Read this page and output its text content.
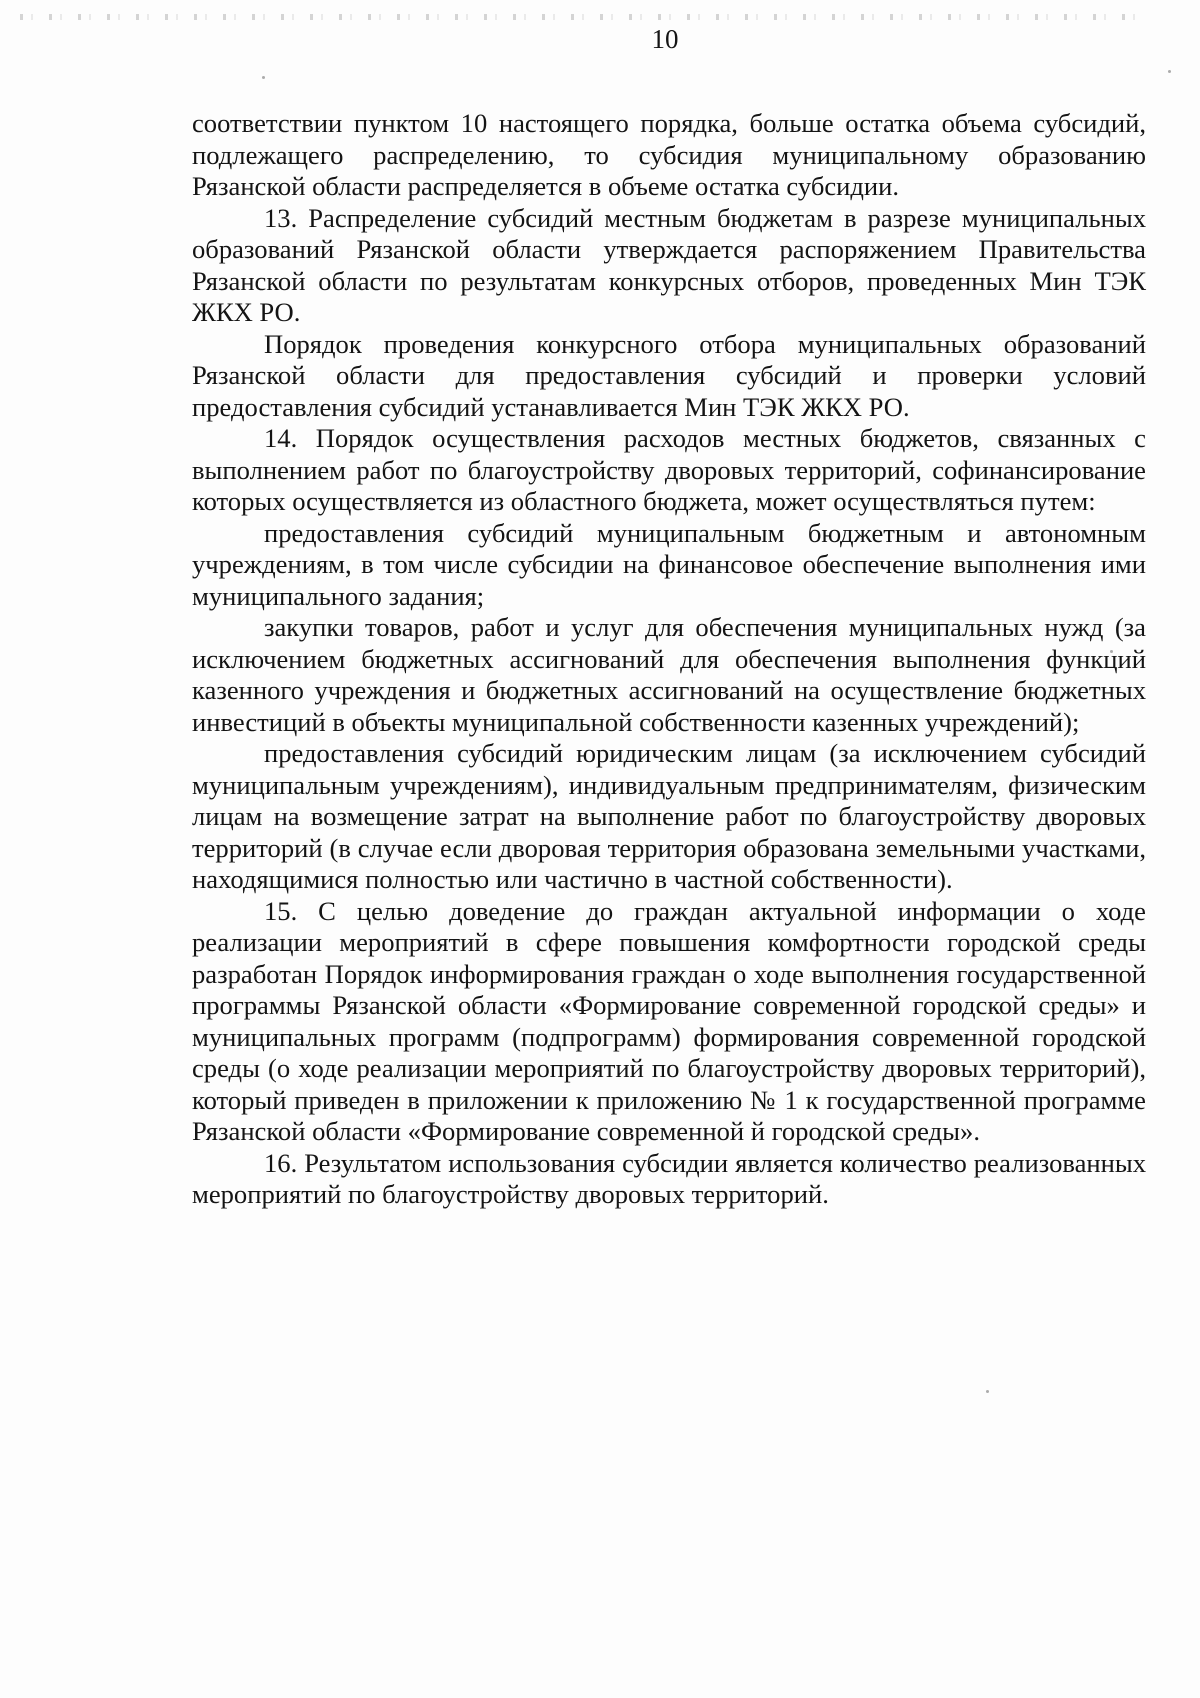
10

соответствии пунктом 10 настоящего порядка, больше остатка объема субсидий, подлежащего распределению, то субсидия муниципальному образованию Рязанской области распределяется в объеме остатка субсидии.

13. Распределение субсидий местным бюджетам в разрезе муниципальных образований Рязанской области утверждается распоряжением Правительства Рязанской области по результатам конкурсных отборов, проведенных Мин ТЭК ЖКХ РО.

Порядок проведения конкурсного отбора муниципальных образований Рязанской области для предоставления субсидий и проверки условий предоставления субсидий устанавливается Мин ТЭК ЖКХ РО.

14. Порядок осуществления расходов местных бюджетов, связанных с выполнением работ по благоустройству дворовых территорий, софинансирование которых осуществляется из областного бюджета, может осуществляться путем:

предоставления субсидий муниципальным бюджетным и автономным учреждениям, в том числе субсидии на финансовое обеспечение выполнения ими муниципального задания;

закупки товаров, работ и услуг для обеспечения муниципальных нужд (за исключением бюджетных ассигнований для обеспечения выполнения функций казенного учреждения и бюджетных ассигнований на осуществление бюджетных инвестиций в объекты муниципальной собственности казенных учреждений);

предоставления субсидий юридическим лицам (за исключением субсидий муниципальным учреждениям), индивидуальным предпринимателям, физическим лицам на возмещение затрат на выполнение работ по благоустройству дворовых территорий (в случае если дворовая территория образована земельными участками, находящимися полностью или частично в частной собственности).

15. С целью доведение до граждан актуальной информации о ходе реализации мероприятий в сфере повышения комфортности городской среды разработан Порядок информирования граждан о ходе выполнения государственной программы Рязанской области «Формирование современной городской среды» и муниципальных программ (подпрограмм) формирования современной городской среды (о ходе реализации мероприятий по благоустройству дворовых территорий), который приведен в приложении к приложению № 1 к государственной программе Рязанской области «Формирование современной й городской среды».

16. Результатом использования субсидии является количество реализованных мероприятий по благоустройству дворовых территорий.
